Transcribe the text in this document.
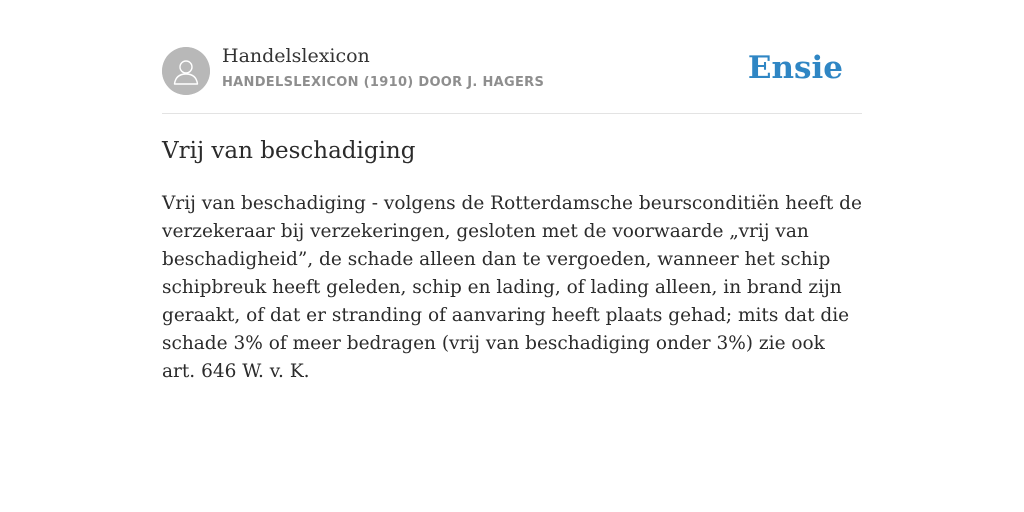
Handelslexicon
HANDELSLEXICON (1910) DOOR J. HAGERS	Ensie
Vrij van beschadiging

Vrij van beschadiging - volgens de Rotterdamsche beursconditiën heeft de verzekeraar bij verzekeringen, gesloten met de voorwaarde „vrij van beschadigheid”, de schade alleen dan te vergoeden, wanneer het schip schipbreuk heeft geleden, schip en lading, of lading alleen, in brand zijn geraakt, of dat er stranding of aanvaring heeft plaats gehad; mits dat die schade 3% of meer bedragen (vrij van beschadiging onder 3%) zie ook art. 646 W. v. K.
